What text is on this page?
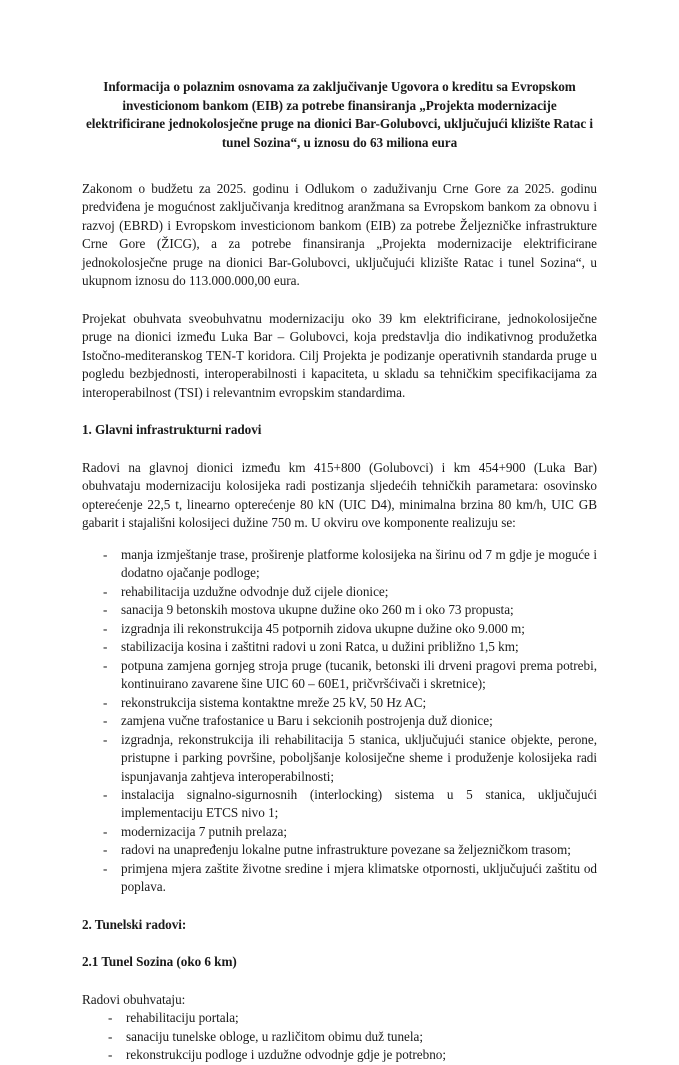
Informacija o polaznim osnovama za zaključivanje Ugovora o kreditu sa Evropskom investicionom bankom (EIB) za potrebe finansiranja „Projekta modernizacije elektrificirane jednokolosječne pruge na dionici Bar-Golubovci, uključujući klizište Ratac i tunel Sozina“, u iznosu do 63 miliona eura

Zakonom o budžetu za 2025. godinu i Odlukom o zaduživanju Crne Gore za 2025. godinu predviđena je mogućnost zaključivanja kreditnog aranžmana sa Evropskom bankom za obnovu i razvoj (EBRD) i Evropskom investicionom bankom (EIB) za potrebe Željezničke infrastrukture Crne Gore (ŽICG), a za potrebe finansiranja „Projekta modernizacije elektrificirane jednokolosječne pruge na dionici Bar-Golubovci, uključujući klizište Ratac i tunel Sozina“, u ukupnom iznosu do 113.000.000,00 eura.

Projekat obuhvata sveobuhvatnu modernizaciju oko 39 km elektrificirane, jednokolosiječne pruge na dionici između Luka Bar – Golubovci, koja predstavlja dio indikativnog produžetka Istočno-mediteranskog TEN-T koridora. Cilj Projekta je podizanje operativnih standarda pruge u pogledu bezbjednosti, interoperabilnosti i kapaciteta, u skladu sa tehničkim specifikacijama za interoperabilnost (TSI) i relevantnim evropskim standardima.

1. Glavni infrastrukturni radovi

Radovi na glavnoj dionici između km 415+800 (Golubovci) i km 454+900 (Luka Bar) obuhvataju modernizaciju kolosijeka radi postizanja sljedećih tehničkih parametara: osovinsko opterećenje 22,5 t, linearno opterećenje 80 kN (UIC D4), minimalna brzina 80 km/h, UIC GB gabarit i stajališni kolosijeci dužine 750 m. U okviru ove komponente realizuju se:

- manja izmještanje trase, proširenje platforme kolosijeka na širinu od 7 m gdje je moguće i dodatno ojačanje podloge;
- rehabilitacija uzdužne odvodnje duž cijele dionice;
- sanacija 9 betonskih mostova ukupne dužine oko 260 m i oko 73 propusta;
- izgradnja ili rekonstrukcija 45 potpornih zidova ukupne dužine oko 9.000 m;
- stabilizacija kosina i zaštitni radovi u zoni Ratca, u dužini približno 1,5 km;
- potpuna zamjena gornjeg stroja pruge (tucanik, betonski ili drveni pragovi prema potrebi, kontinuirano zavarene šine UIC 60 – 60E1, pričvršćivači i skretnice);
- rekonstrukcija sistema kontaktne mreže 25 kV, 50 Hz AC;
- zamjena vučne trafostanice u Baru i sekcionih postrojenja duž dionice;
- izgradnja, rekonstrukcija ili rehabilitacija 5 stanica, uključujući stanice objekte, perone, pristupne i parking površine, poboljšanje kolosiječne sheme i produženje kolosijeka radi ispunjavanja zahtjeva interoperabilnosti;
- instalacija signalno-sigurnosnih (interlocking) sistema u 5 stanica, uključujući implementaciju ETCS nivo 1;
- modernizacija 7 putnih prelaza;
- radovi na unapređenju lokalne putne infrastrukture povezane sa željezničkom trasom;
- primjena mjera zaštite životne sredine i mjera klimatske otpornosti, uključujući zaštitu od poplava.
2. Tunelski radovi:
2.1 Tunel Sozina (oko 6 km)

Radovi obuhvataju:

- rehabilitaciju portala;
- sanaciju tunelske obloge, u različitom obimu duž tunela;
- rekonstrukciju podloge i uzdužne odvodnje gdje je potrebno;
